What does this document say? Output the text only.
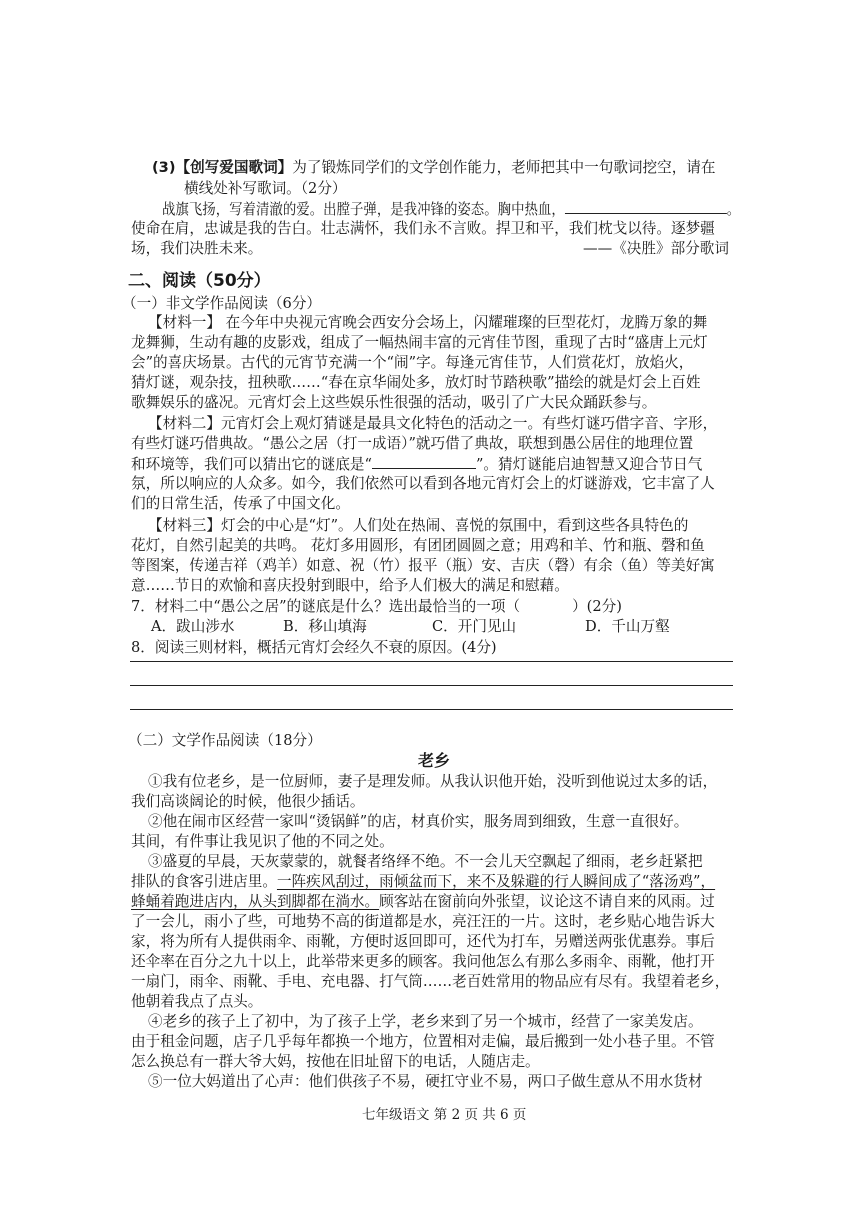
(3)【创写爱国歌词】为了锻炼同学们的文学创作能力，老师把其中一句歌词挖空，请在
横线处补写歌词。（2分）
战旗飞扬，写着清澈的爱。出膛子弹，是我冲锋的姿态。胸中热血，	。
使命在肩，忠诚是我的告白。壮志满怀，我们永不言败。捍卫和平，我们枕戈以待。逐梦疆
场，我们决胜未来。	——《决胜》部分歌词
二、阅读（50分）
（一）非文学作品阅读（6分）
【材料一】 在今年中央视元宵晚会西安分会场上，闪耀璀璨的巨型花灯，龙腾万象的舞
龙舞狮，生动有趣的皮影戏，组成了一幅热闹丰富的元宵佳节图，重现了古时“盛唐上元灯
会”的喜庆场景。古代的元宵节充满一个“闹”字。每逢元宵佳节，人们赏花灯，放焰火，
猜灯谜，观杂技，扭秧歌……“春在京华闹处多，放灯时节踏秧歌”描绘的就是灯会上百姓
歌舞娱乐的盛况。元宵灯会上这些娱乐性很强的活动，吸引了广大民众踊跃参与。
【材料二】元宵灯会上观灯猜谜是最具文化特色的活动之一。有些灯谜巧借字音、字形，
有些灯谜巧借典故。“愚公之居（打一成语）”就巧借了典故，联想到愚公居住的地理位置
和环境等，我们可以猜出它的谜底是“	”。猜灯谜能启迪智慧又迎合节日气
氛，所以响应的人众多。如今，我们依然可以看到各地元宵灯会上的灯谜游戏，它丰富了人
们的日常生活，传承了中国文化。
【材料三】灯会的中心是“灯”。人们处在热闹、喜悦的氛围中，看到这些各具特色的
花灯，自然引起美的共鸣。 花灯多用圆形，有团团圆圆之意；用鸡和羊、竹和瓶、磬和鱼
等图案，传递吉祥（鸡羊）如意、祝（竹）报平（瓶）安、吉庆（磬）有余（鱼）等美好寓
意……节日的欢愉和喜庆投射到眼中，给予人们极大的满足和慰藉。
7．材料二中“愚公之居”的谜底是什么？选出最恰当的一项（	）(2分)
A．跋山涉水	B．移山填海	C．开门见山	D．千山万壑
8．阅读三则材料，概括元宵灯会经久不衰的原因。(4分)
（二）文学作品阅读（18分）
老乡
①我有位老乡，是一位厨师，妻子是理发师。从我认识他开始，没听到他说过太多的话，
我们高谈阔论的时候，他很少插话。
②他在闹市区经营一家叫“烫锅鲜”的店，材真价实，服务周到细致，生意一直很好。
其间，有件事让我见识了他的不同之处。
③盛夏的早晨，天灰蒙蒙的，就餐者络绎不绝。不一会儿天空飘起了细雨，老乡赶紧把
排队的食客引进店里。一阵疾风刮过，雨倾盆而下，来不及躲避的行人瞬间成了“落汤鸡”，
蜂蛹着跑进店内，从头到脚都在淌水。顾客站在窗前向外张望，议论这不请自来的风雨。过
了一会儿，雨小了些，可地势不高的街道都是水，亮汪汪的一片。这时，老乡贴心地告诉大
家，将为所有人提供雨伞、雨靴，方便时返回即可，还代为打车，另赠送两张优惠券。事后
还伞率在百分之九十以上，此举带来更多的顾客。我问他怎么有那么多雨伞、雨靴，他打开
一扇门，雨伞、雨靴、手电、充电器、打气筒……老百姓常用的物品应有尽有。我望着老乡，
他朝着我点了点头。
④老乡的孩子上了初中，为了孩子上学，老乡来到了另一个城市，经营了一家美发店。
由于租金问题，店子几乎每年都换一个地方，位置相对走偏，最后搬到一处小巷子里。不管
怎么换总有一群大爷大妈，按他在旧址留下的电话，人随店走。
⑤一位大妈道出了心声：他们供孩子不易，硬扛守业不易，两口子做生意从不用水货材
七年级语文 第 2 页 共 6 页
